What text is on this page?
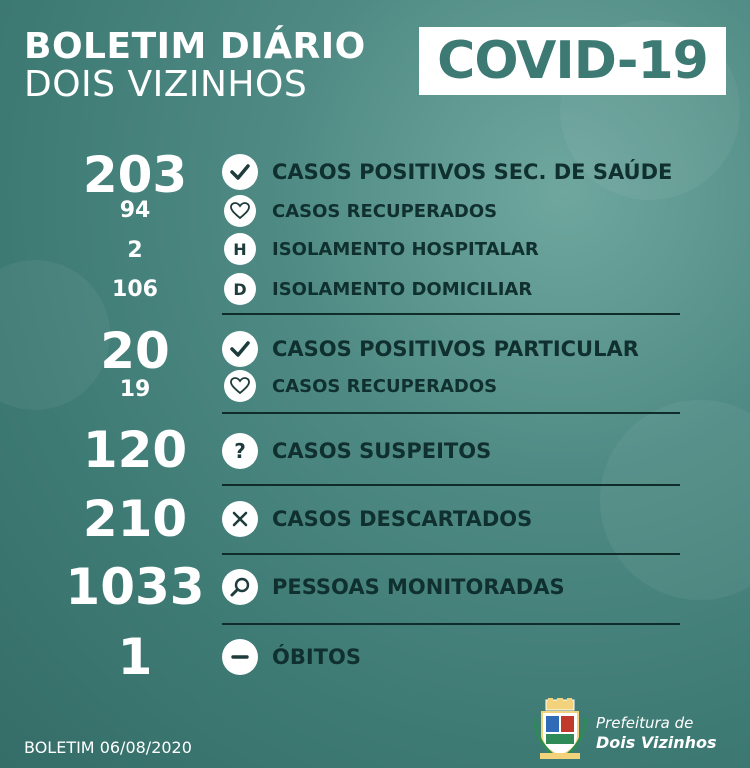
BOLETIM DIÁRIO
DOIS VIZINHOS COVID-19
203	CASOS POSITIVOS SEC. DE SAÚDE
94	CASOS RECUPERADOS
2	H	ISOLAMENTO HOSPITALAR
106	D	ISOLAMENTO DOMICILIAR
20	CASOS POSITIVOS PARTICULAR
19	CASOS RECUPERADOS
120	?	CASOS SUSPEITOS
210	CASOS DESCARTADOS
1033	PESSOAS MONITORADAS
1	ÓBITOS
BOLETIM 06/08/2020
Prefeitura de
Dois Vizinhos
